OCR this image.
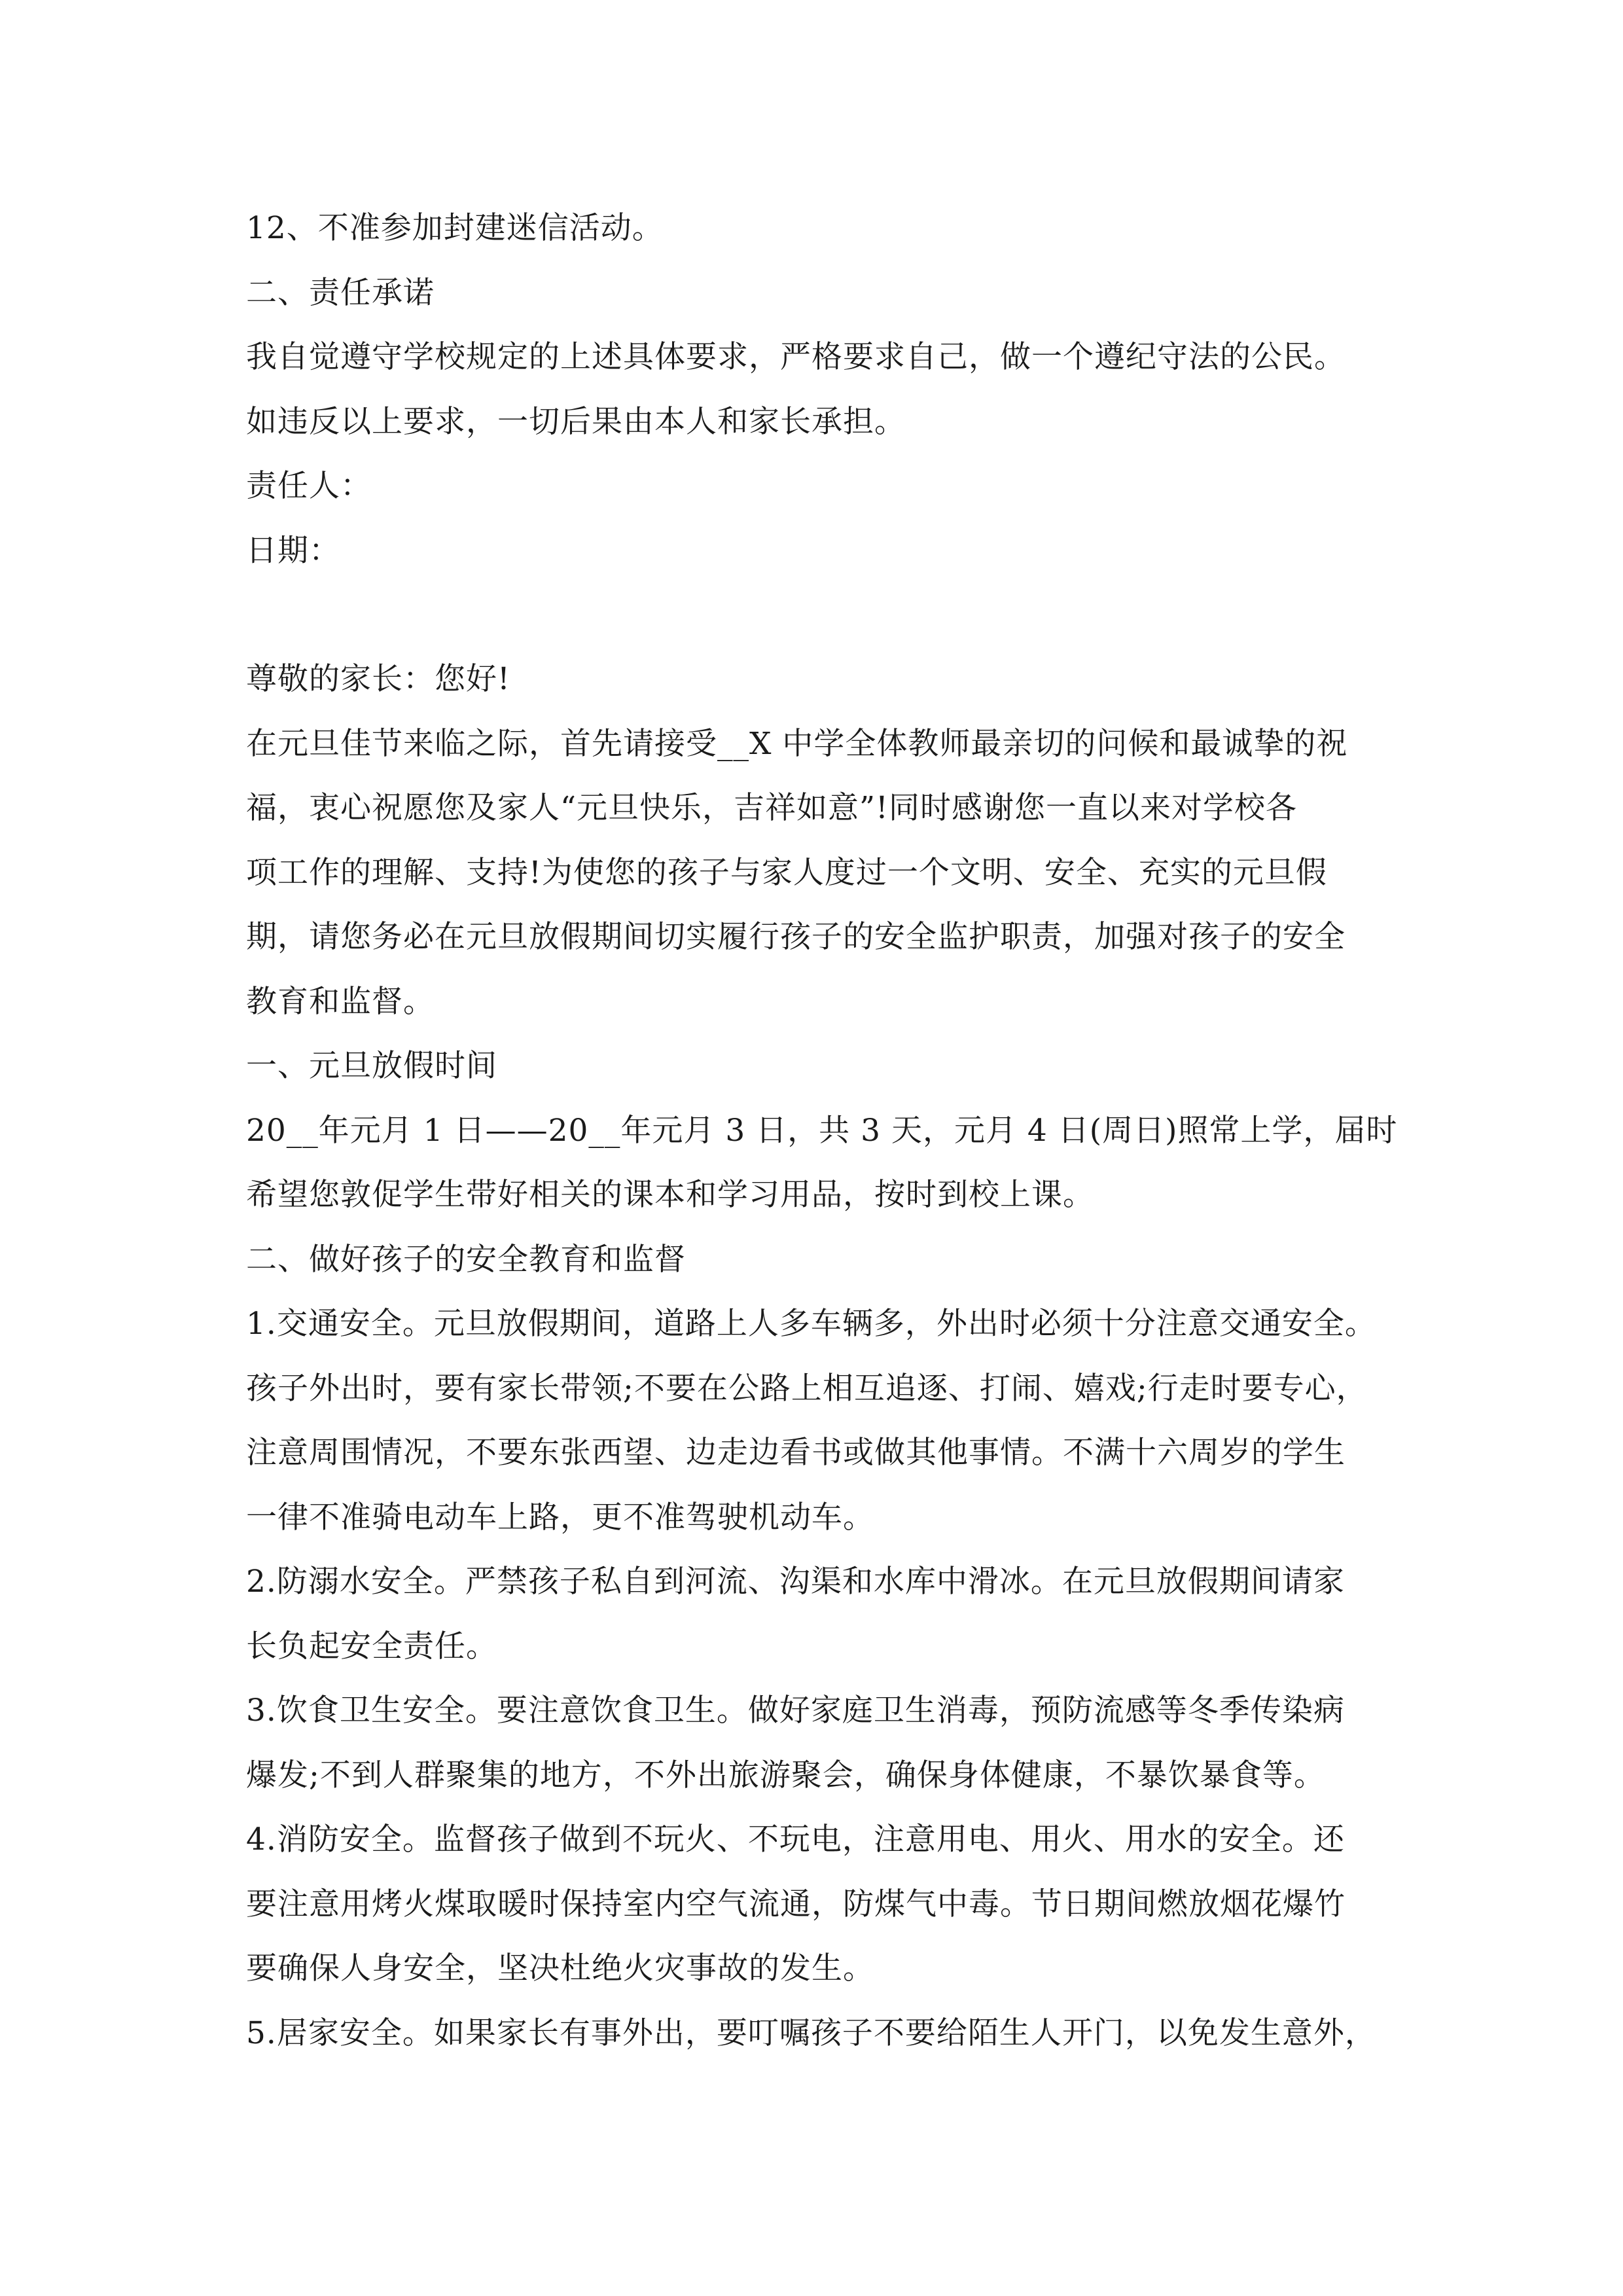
12、不准参加封建迷信活动。
二、责任承诺
我自觉遵守学校规定的上述具体要求，严格要求自己，做一个遵纪守法的公民。
如违反以上要求，一切后果由本人和家长承担。
责任人：
日期：
尊敬的家长：您好!
在元旦佳节来临之际，首先请接受__X 中学全体教师最亲切的问候和最诚挚的祝
福，衷心祝愿您及家人“元旦快乐，吉祥如意”!同时感谢您一直以来对学校各
项工作的理解、支持!为使您的孩子与家人度过一个文明、安全、充实的元旦假
期，请您务必在元旦放假期间切实履行孩子的安全监护职责，加强对孩子的安全
教育和监督。
一、元旦放假时间
20__年元月 1 日——20__年元月 3 日，共 3 天，元月 4 日(周日)照常上学，届时
希望您敦促学生带好相关的课本和学习用品，按时到校上课。
二、做好孩子的安全教育和监督
1.交通安全。元旦放假期间，道路上人多车辆多，外出时必须十分注意交通安全。
孩子外出时，要有家长带领;不要在公路上相互追逐、打闹、嬉戏;行走时要专心，
注意周围情况，不要东张西望、边走边看书或做其他事情。不满十六周岁的学生
一律不准骑电动车上路，更不准驾驶机动车。
2.防溺水安全。严禁孩子私自到河流、沟渠和水库中滑冰。在元旦放假期间请家
长负起安全责任。
3.饮食卫生安全。要注意饮食卫生。做好家庭卫生消毒，预防流感等冬季传染病
爆发;不到人群聚集的地方，不外出旅游聚会，确保身体健康，不暴饮暴食等。
4.消防安全。监督孩子做到不玩火、不玩电，注意用电、用火、用水的安全。还
要注意用烤火煤取暖时保持室内空气流通，防煤气中毒。节日期间燃放烟花爆竹
要确保人身安全，坚决杜绝火灾事故的发生。
5.居家安全。如果家长有事外出，要叮嘱孩子不要给陌生人开门，以免发生意外，
